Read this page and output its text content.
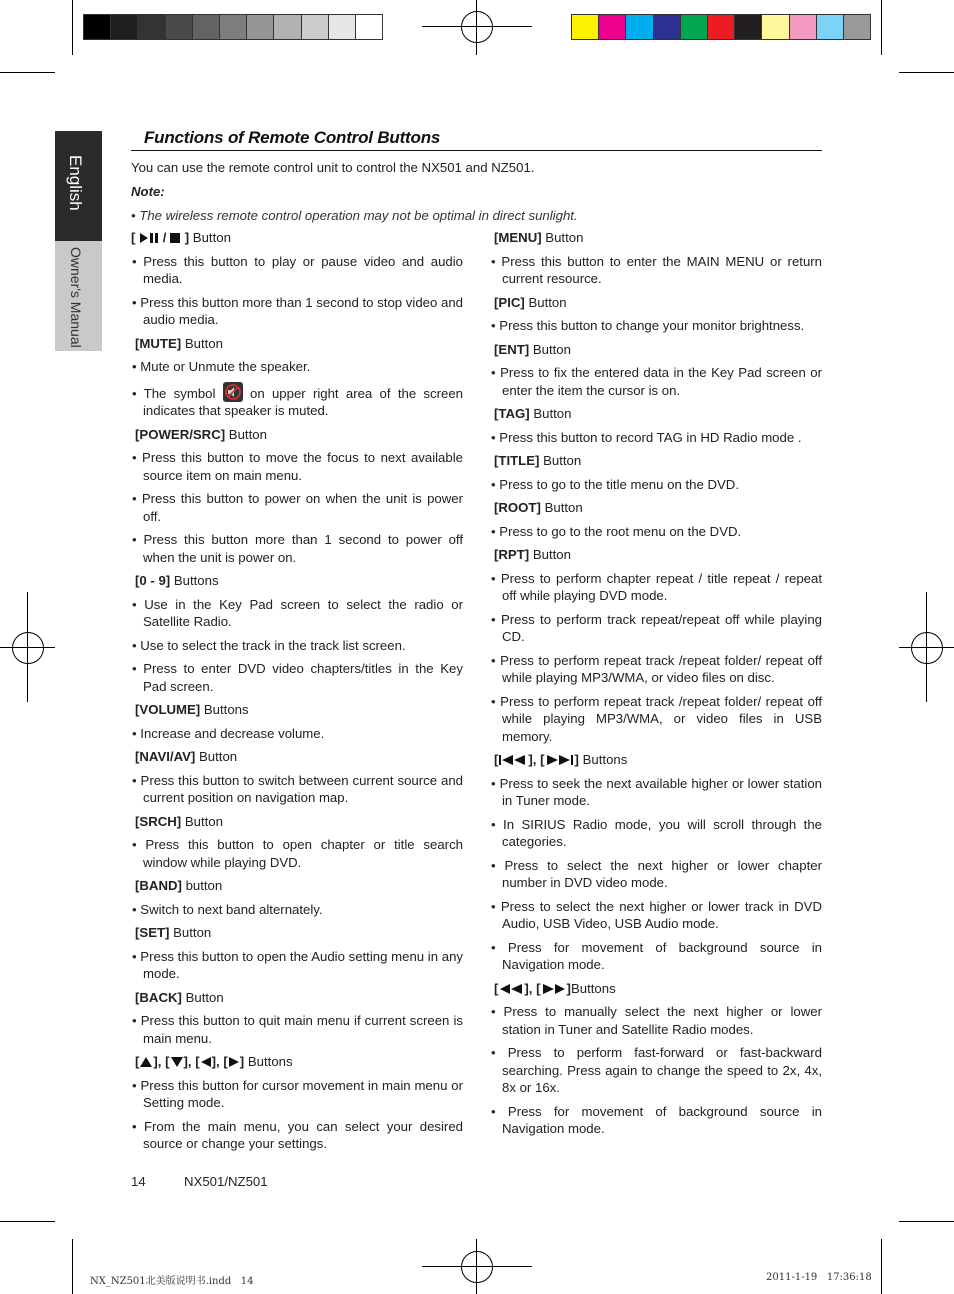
English
Owner's Manual
Functions of Remote Control Buttons
You can use the remote control unit to control the NX501 and NZ501.
Note:
• The wireless remote control operation may not be optimal in direct sunlight.

[  /  ] Button

• Press this button to play or pause video and audio media.

• Press this button more than 1 second to stop video and audio media.

[MUTE] Button

• Mute or Unmute the speaker.

• The symbol	on upper right area of the screen indicates that speaker is muted.

[POWER/SRC] Button

• Press this button to move the focus to next available source item on main menu.

• Press this button to power on when the unit is power off.

• Press this button more than 1 second to power off when the unit is power on.

[0 - 9] Buttons

• Use in the Key Pad screen to select the radio or Satellite Radio.

• Use to select the track in the track list screen.

• Press to enter DVD video chapters/titles in the Key Pad screen.

[VOLUME] Buttons

• Increase and decrease volume.

[NAVI/AV] Button

• Press this button to switch between current source and current position on navigation map.

[SRCH] Button

• Press this button to open chapter or title search window while playing DVD.

[BAND] button

• Switch to next band alternately.

[SET] Button

• Press this button to open the Audio setting menu in any mode.

[BACK] Button

• Press this button to quit main menu if current screen is main menu.

[ ], [ ], [ ], [ ] Buttons

• Press this button for cursor movement in main menu or Setting mode.

• From the main menu, you can select your desired source or change your settings.

[MENU] Button

• Press this button to enter the MAIN MENU or return current resource.

[PIC] Button

• Press this button to change your monitor brightness.

[ENT] Button

• Press to fix the entered data in the Key Pad screen or enter the item the cursor is on.

[TAG] Button

• Press this button to record TAG in HD Radio mode .

[TITLE] Button

• Press to go to the title menu on the DVD.

[ROOT] Button

• Press to go to the root menu on the DVD.

[RPT] Button

• Press to perform chapter repeat / title repeat / repeat off while playing DVD mode.

• Press to perform track repeat/repeat off while playing CD.

• Press to perform repeat track /repeat folder/ repeat off while playing MP3/WMA, or video files on disc.

• Press to perform repeat track /repeat folder/ repeat off while playing MP3/WMA, or video files in USB memory.

[ ], [ ] Buttons

• Press to seek the next available higher or lower station in Tuner mode.

• In SIRIUS Radio mode, you will scroll through the categories.

• Press to select the next higher or lower chapter number in DVD video mode.

• Press to select the next higher or lower track in DVD Audio, USB Video, USB Audio mode.

• Press for movement of background source in Navigation mode.

[ ], [ ]Buttons

• Press to manually select the next higher or lower station in Tuner and Satellite Radio modes.

• Press to perform fast-forward or fast-backward searching. Press again to change the speed to 2x, 4x, 8x or 16x.

• Press for movement of background source in Navigation mode.

14	NX501/NZ501
NX_NZ501北美版说明书.indd   14	2011-1-19   17:36:18
